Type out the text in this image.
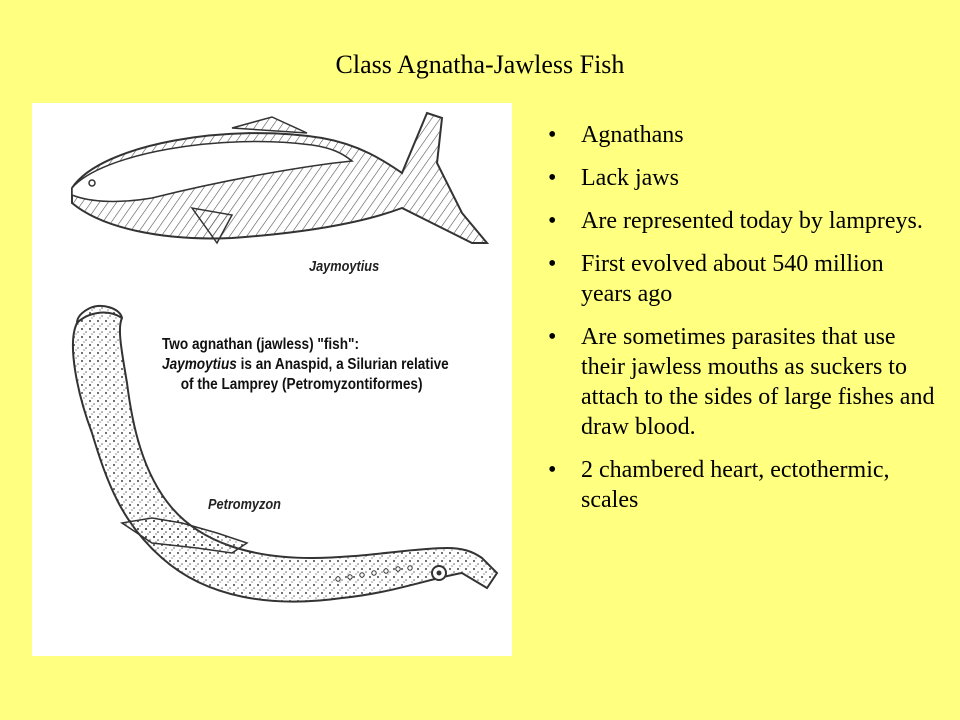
Class Agnatha-Jawless Fish
Jaymoytius
Two agnathan (jawless) "fish":
Jaymoytius is an Anaspid, a Silurian relative
of the Lamprey (Petromyzontiformes)
Petromyzon
• Agnathans
• Lack jaws
• Are represented today by lampreys.
• First evolved about 540 million years ago
• Are sometimes parasites that use their jawless mouths as suckers to attach to the sides of large fishes and draw blood.
• 2 chambered heart, ectothermic, scales
